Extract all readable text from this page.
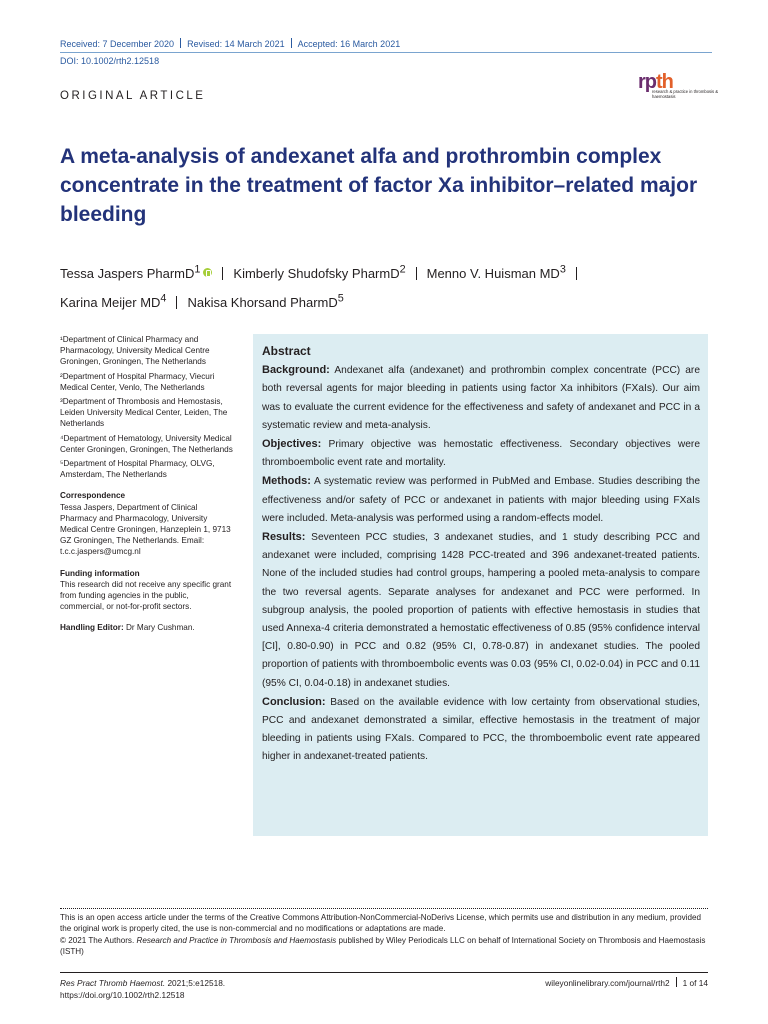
Received: 7 December 2020 Revised: 14 March 2021 Accepted: 16 March 2021
DOI: 10.1002/rth2.12518
ORIGINAL ARTICLE
rpth
research & practice in thrombosis & haemostasis
A meta-analysis of andexanet alfa and prothrombin complex concentrate in the treatment of factor Xa inhibitor–related major bleeding
Tessa Jaspers PharmD$^1$	Kimberly Shudofsky PharmD$^2$ Menno V. Huisman $MD^3$
Karina Meijer $MD^4$ Nakisa Khorsand PharmD$^5$

¹Department of Clinical Pharmacy and Pharmacology, University Medical Centre Groningen, Groningen, The Netherlands

²Department of Hospital Pharmacy, Viecuri Medical Center, Venlo, The Netherlands

³Department of Thrombosis and Hemostasis, Leiden University Medical Center, Leiden, The Netherlands

⁴Department of Hematology, University Medical Center Groningen, Groningen, The Netherlands

⁵Department of Hospital Pharmacy, OLVG, Amsterdam, The Netherlands

Correspondence

Tessa Jaspers, Department of Clinical Pharmacy and Pharmacology, University Medical Centre Groningen, Hanzeplein 1, 9713 GZ Groningen, The Netherlands. Email: t.c.c.jaspers@umcg.nl

Funding information

This research did not receive any specific grant from funding agencies in the public, commercial, or not-for-profit sectors.

Handling Editor: Dr Mary Cushman.

Abstract

Background: Andexanet alfa (andexanet) and prothrombin complex concentrate (PCC) are both reversal agents for major bleeding in patients using factor Xa inhibitors (FXaIs). Our aim was to evaluate the current evidence for the effectiveness and safety of andexanet and PCC in a systematic review and meta-analysis.

Objectives: Primary objective was hemostatic effectiveness. Secondary objectives were thromboembolic event rate and mortality.

Methods: A systematic review was performed in PubMed and Embase. Studies describing the effectiveness and/or safety of PCC or andexanet in patients with major bleeding using FXaIs were included. Meta-analysis was performed using a random-effects model.

Results: Seventeen PCC studies, 3 andexanet studies, and 1 study describing PCC and andexanet were included, comprising 1428 PCC-treated and 396 andexanet-treated patients. None of the included studies had control groups, hampering a pooled meta-analysis to compare the two reversal agents. Separate analyses for andexanet and PCC were performed. In subgroup analysis, the pooled proportion of patients with effective hemostasis in studies that used Annexa-4 criteria demonstrated a hemostatic effectiveness of 0.85 (95% confidence interval [CI], 0.80-0.90) in PCC and 0.82 (95% CI, 0.78-0.87) in andexanet studies. The pooled proportion of patients with thromboembolic events was 0.03 (95% CI, 0.02-0.04) in PCC and 0.11 (95% CI, 0.04-0.18) in andexanet studies.

Conclusion: Based on the available evidence with low certainty from observational studies, PCC and andexanet demonstrated a similar, effective hemostasis in the treatment of major bleeding in patients using FXaIs. Compared to PCC, the thromboembolic event rate appeared higher in andexanet-treated patients.

This is an open access article under the terms of the Creative Commons Attribution-NonCommercial-NoDerivs License, which permits use and distribution in any medium, provided the original work is properly cited, the use is non-commercial and no modifications or adaptations are made.
© 2021 The Authors. Research and Practice in Thrombosis and Haemostasis published by Wiley Periodicals LLC on behalf of International Society on Thrombosis and Haemostasis (ISTH)
Res Pract Thromb Haemost. 2021;5:e12518.
https://doi.org/10.1002/rth2.12518
wileyonlinelibrary.com/journal/rth2 1 of 14
